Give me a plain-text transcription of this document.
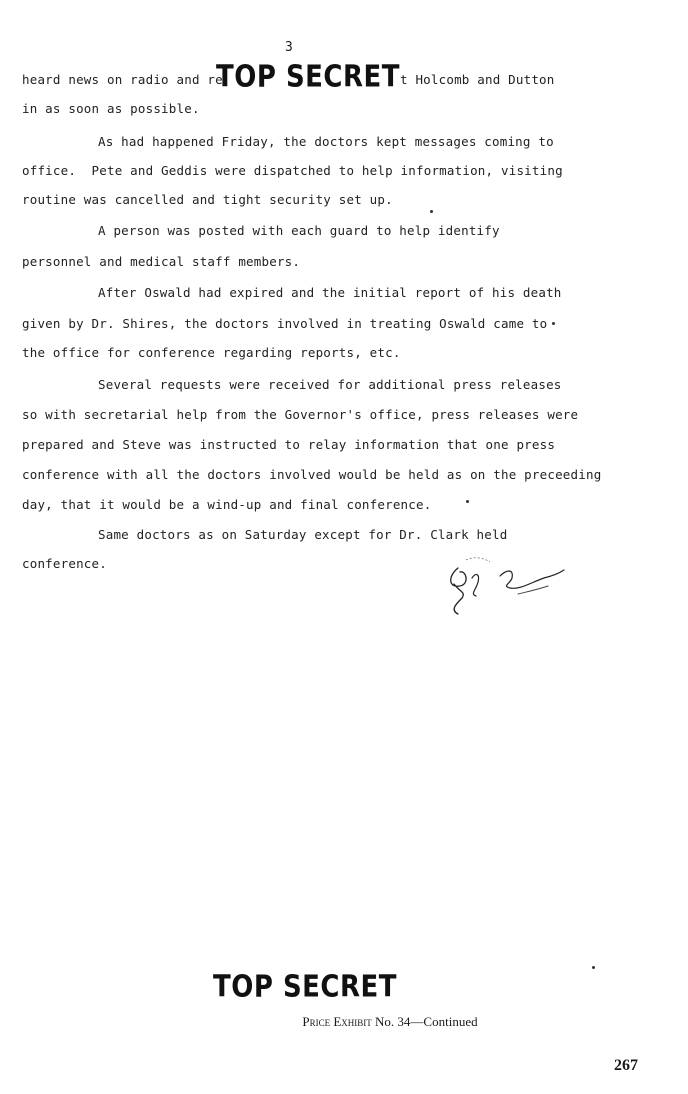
3
TOP SECRET
heard news on radio and re	t Holcomb and Dutton
in as soon as possible.
As had happened Friday, the doctors kept messages coming to
office.  Pete and Geddis were dispatched to help information, visiting
routine was cancelled and tight security set up.
A person was posted with each guard to help identify
personnel and medical staff members.
After Oswald had expired and the initial report of his death
given by Dr. Shires, the doctors involved in treating Oswald came to
the office for conference regarding reports, etc.
Several requests were received for additional press releases
so with secretarial help from the Governor's office, press releases were
prepared and Steve was instructed to relay information that one press
conference with all the doctors involved would be held as on the preceeding
day, that it would be a wind-up and final conference.
Same doctors as on Saturday except for Dr. Clark held
conference.
TOP SECRET
Price Exhibit No. 34—Continued
267
